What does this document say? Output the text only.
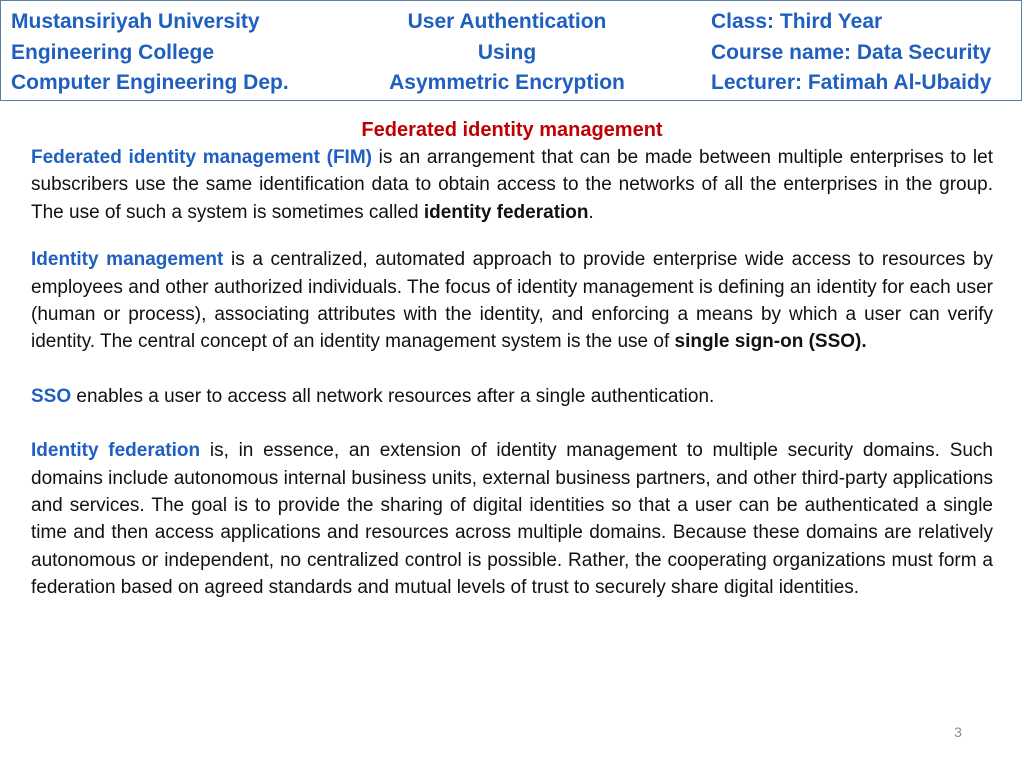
Mustansiriyah University
Engineering College
Computer Engineering Dep.
User Authentication
Using
Asymmetric Encryption
Class: Third Year
Course name: Data Security
Lecturer: Fatimah Al-Ubaidy
Federated identity management

Federated identity management (FIM) is an arrangement that can be made between multiple enterprises to let subscribers use the same identification data to obtain access to the networks of all the enterprises in the group. The use of such a system is sometimes called identity federation.

Identity management is a centralized, automated approach to provide enterprise wide access to resources by employees and other authorized individuals. The focus of identity management is defining an identity for each user (human or process), associating attributes with the identity, and enforcing a means by which a user can verify identity. The central concept of an identity management system is the use of single sign-on (SSO).

SSO enables a user to access all network resources after a single authentication.

Identity federation is, in essence, an extension of identity management to multiple security domains. Such domains include autonomous internal business units, external business partners, and other third-party applications and services. The goal is to provide the sharing of digital identities so that a user can be authenticated a single time and then access applications and resources across multiple domains. Because these domains are relatively autonomous or independent, no centralized control is possible. Rather, the cooperating organizations must form a federation based on agreed standards and mutual levels of trust to securely share digital identities.

3
